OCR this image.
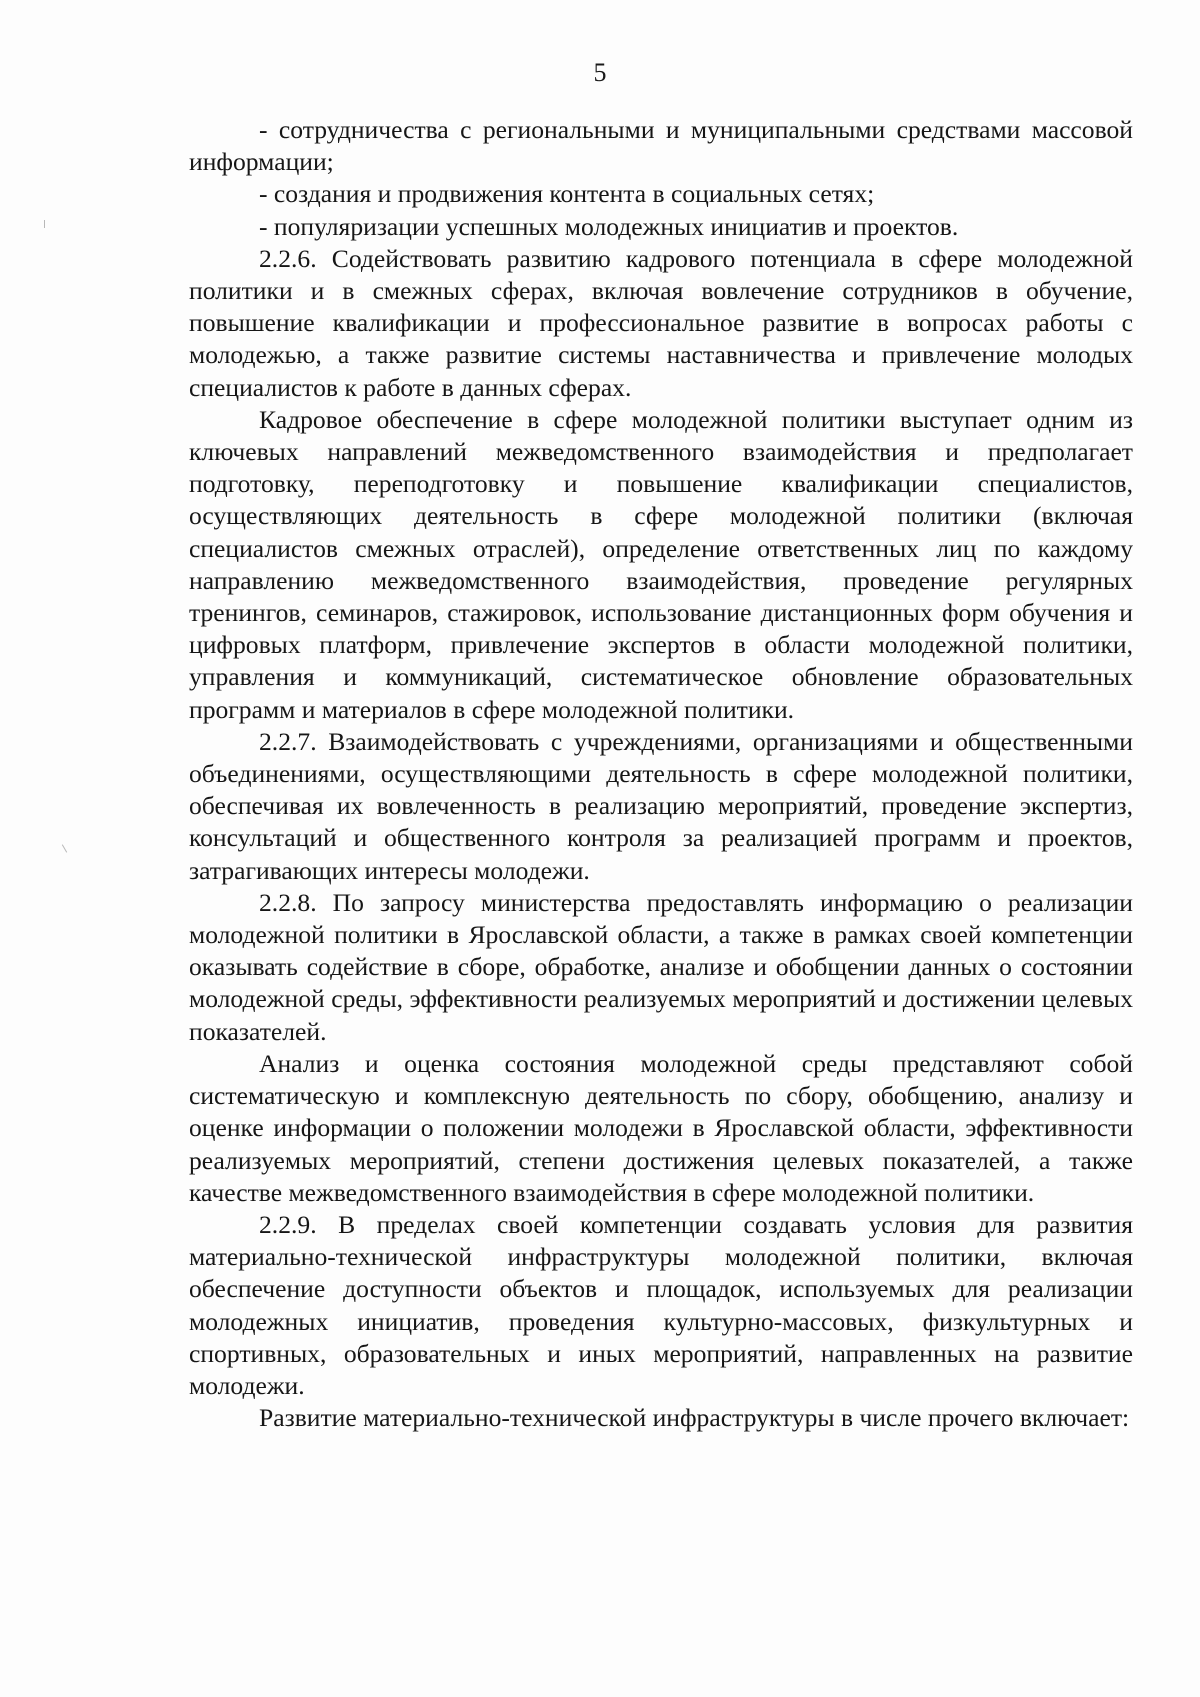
5

- сотрудничества с региональными и муниципальными средствами массовой информации;

- создания и продвижения контента в социальных сетях;

- популяризации успешных молодежных инициатив и проектов.

2.2.6. Содействовать развитию кадрового потенциала в сфере молодежной политики и в смежных сферах, включая вовлечение сотрудников в обучение, повышение квалификации и профессиональное развитие в вопросах работы с молодежью, а также развитие системы наставничества и привлечение молодых специалистов к работе в данных сферах.

Кадровое обеспечение в сфере молодежной политики выступает одним из ключевых направлений межведомственного взаимодействия и предполагает подготовку, переподготовку и повышение квалификации специалистов, осуществляющих деятельность в сфере молодежной политики (включая специалистов смежных отраслей), определение ответственных лиц по каждому направлению межведомственного взаимодействия, проведение регулярных тренингов, семинаров, стажировок, использование дистанционных форм обучения и цифровых платформ, привлечение экспертов в области молодежной политики, управления и коммуникаций, систематическое обновление образовательных программ и материалов в сфере молодежной политики.

2.2.7. Взаимодействовать с учреждениями, организациями и общественными объединениями, осуществляющими деятельность в сфере молодежной политики, обеспечивая их вовлеченность в реализацию мероприятий, проведение экспертиз, консультаций и общественного контроля за реализацией программ и проектов, затрагивающих интересы молодежи.

2.2.8. По запросу министерства предоставлять информацию о реализации молодежной политики в Ярославской области, а также в рамках своей компетенции оказывать содействие в сборе, обработке, анализе и обобщении данных о состоянии молодежной среды, эффективности реализуемых мероприятий и достижении целевых показателей.

Анализ и оценка состояния молодежной среды представляют собой систематическую и комплексную деятельность по сбору, обобщению, анализу и оценке информации о положении молодежи в Ярославской области, эффективности реализуемых мероприятий, степени достижения целевых показателей, а также качестве межведомственного взаимодействия в сфере молодежной политики.

2.2.9. В пределах своей компетенции создавать условия для развития материально-технической инфраструктуры молодежной политики, включая обеспечение доступности объектов и площадок, используемых для реализации молодежных инициатив, проведения культурно-массовых, физкультурных и спортивных, образовательных и иных мероприятий, направленных на развитие молодежи.

Развитие материально-технической инфраструктуры в числе прочего включает:
